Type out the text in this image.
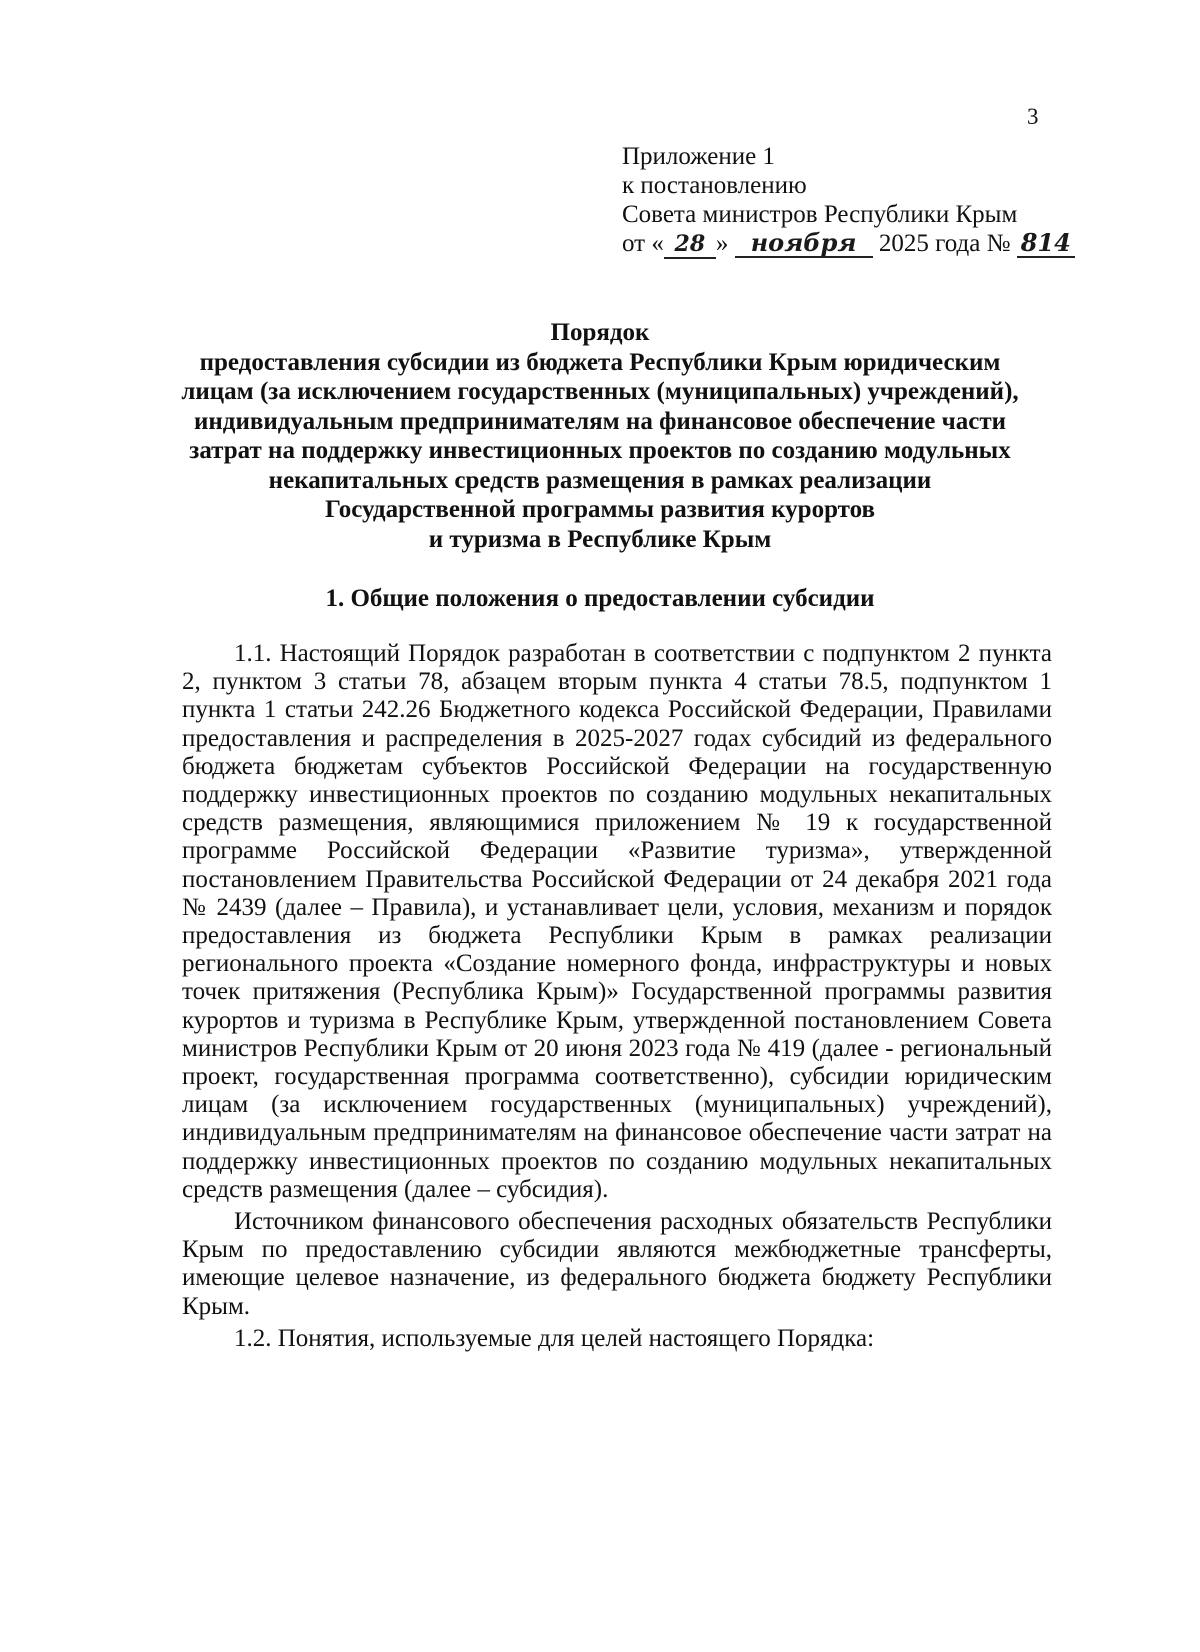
3
Приложение 1
к постановлению
Совета министров Республики Крым
от « 28 » ноября 2025 года № 814
Порядок
предоставления субсидии из бюджета Республики Крым юридическим
лицам (за исключением государственных (муниципальных) учреждений),
индивидуальным предпринимателям на финансовое обеспечение части
затрат на поддержку инвестиционных проектов по созданию модульных
некапитальных средств размещения в рамках реализации
Государственной программы развития курортов
и туризма в Республике Крым
1. Общие положения о предоставлении субсидии

1.1. Настоящий Порядок разработан в соответствии с подпунктом 2 пункта 2, пунктом 3 статьи 78, абзацем вторым пункта 4 статьи 78.5, подпунктом 1 пункта 1 статьи 242.26 Бюджетного кодекса Российской Федерации, Правилами предоставления и распределения в 2025-2027 годах субсидий из федерального бюджета бюджетам субъектов Российской Федерации на государственную поддержку инвестиционных проектов по созданию модульных некапитальных средств размещения, являющимися приложением № 19 к государственной программе Российской Федерации «Развитие туризма», утвержденной постановлением Правительства Российской Федерации от 24 декабря 2021 года № 2439 (далее – Правила), и устанавливает цели, условия, механизм и порядок предоставления из бюджета Республики Крым в рамках реализации регионального проекта «Создание номерного фонда, инфраструктуры и новых точек притяжения (Республика Крым)» Государственной программы развития курортов и туризма в Республике Крым, утвержденной постановлением Совета министров Республики Крым от 20 июня 2023 года № 419 (далее - региональный проект, государственная программа соответственно), субсидии юридическим лицам (за исключением государственных (муниципальных) учреждений), индивидуальным предпринимателям на финансовое обеспечение части затрат на поддержку инвестиционных проектов по созданию модульных некапитальных средств размещения (далее – субсидия).

Источником финансового обеспечения расходных обязательств Республики Крым по предоставлению субсидии являются межбюджетные трансферты, имеющие целевое назначение, из федерального бюджета бюджету Республики Крым.

1.2. Понятия, используемые для целей настоящего Порядка:
